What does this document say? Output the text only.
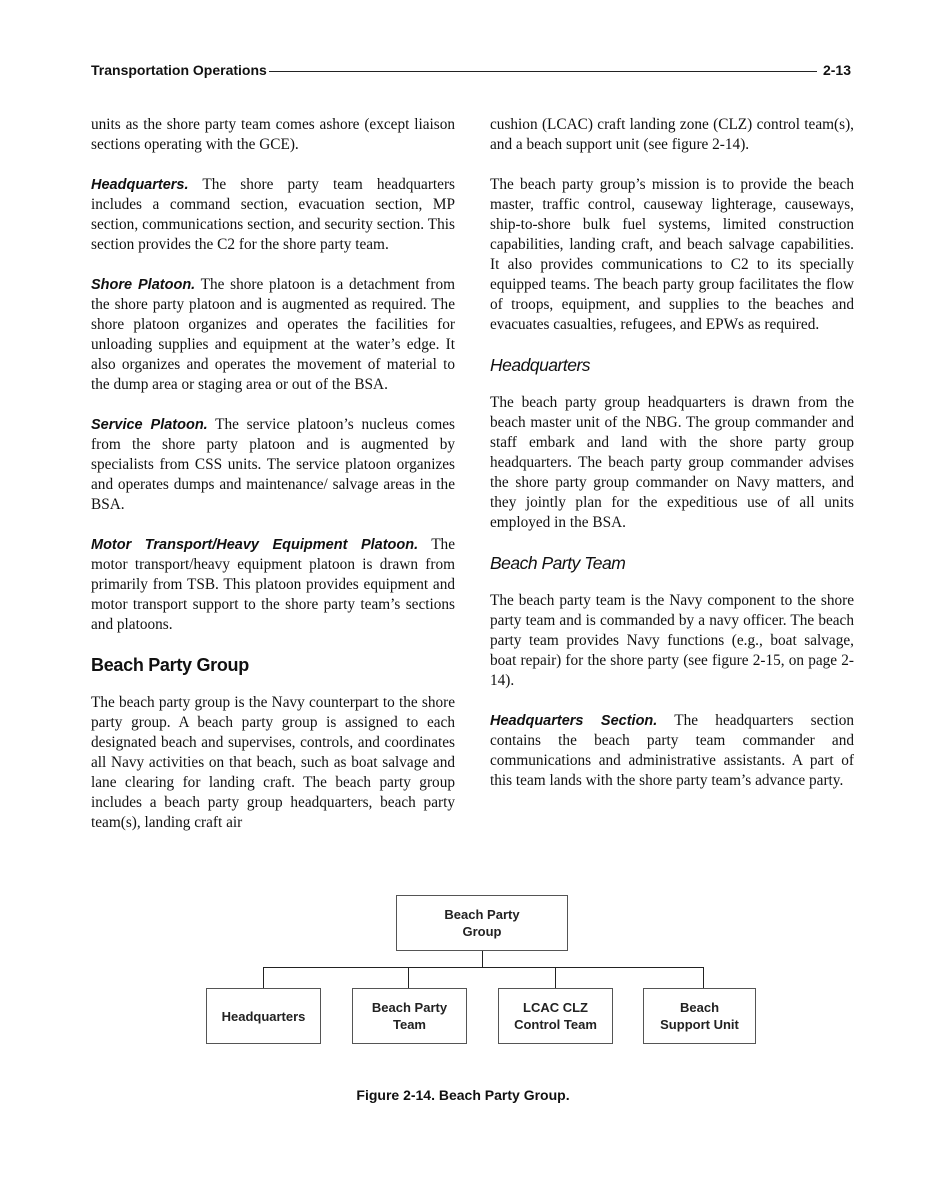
Transportation Operations	2-13

units as the shore party team comes ashore (except liaison sections operating with the GCE).

Headquarters. The shore party team headquarters includes a command section, evacuation section, MP section, communications section, and security section. This section provides the C2 for the shore party team.

Shore Platoon. The shore platoon is a detachment from the shore party platoon and is augmented as required. The shore platoon organizes and operates the facilities for unloading supplies and equipment at the water’s edge. It also organizes and operates the movement of material to the dump area or staging area or out of the BSA.

Service Platoon. The service platoon’s nucleus comes from the shore party platoon and is augmented by specialists from CSS units. The service platoon organizes and operates dumps and maintenance/ salvage areas in the BSA.

Motor Transport/Heavy Equipment Platoon. The motor transport/heavy equipment platoon is drawn from primarily from TSB. This platoon provides equipment and motor transport support to the shore party team’s sections and platoons.

Beach Party Group

The beach party group is the Navy counterpart to the shore party group. A beach party group is assigned to each designated beach and supervises, controls, and coordinates all Navy activities on that beach, such as boat salvage and lane clearing for landing craft. The beach party group includes a beach party group headquarters, beach party team(s), landing craft air

cushion (LCAC) craft landing zone (CLZ) control team(s), and a beach support unit (see figure 2-14).

The beach party group’s mission is to provide the beach master, traffic control, causeway lighterage, causeways, ship-to-shore bulk fuel systems, limited construction capabilities, landing craft, and beach salvage capabilities. It also provides communications to C2 to its specially equipped teams. The beach party group facilitates the flow of troops, equipment, and supplies to the beaches and evacuates casualties, refugees, and EPWs as required.

Headquarters

The beach party group headquarters is drawn from the beach master unit of the NBG. The group commander and staff embark and land with the shore party group headquarters. The beach party group commander advises the shore party group commander on Navy matters, and they jointly plan for the expeditious use of all units employed in the BSA.

Beach Party Team

The beach party team is the Navy component to the shore party team and is commanded by a navy officer. The beach party team provides Navy functions (e.g., boat salvage, boat repair) for the shore party (see figure 2-15, on page 2-14).

Headquarters Section. The headquarters section contains the beach party team commander and communications and administrative assistants. A part of this team lands with the shore party team’s advance party.

Beach Party Group
Headquarters
Beach Party Team
LCAC CLZ Control Team
Beach Support Unit
Figure 2-14. Beach Party Group.
